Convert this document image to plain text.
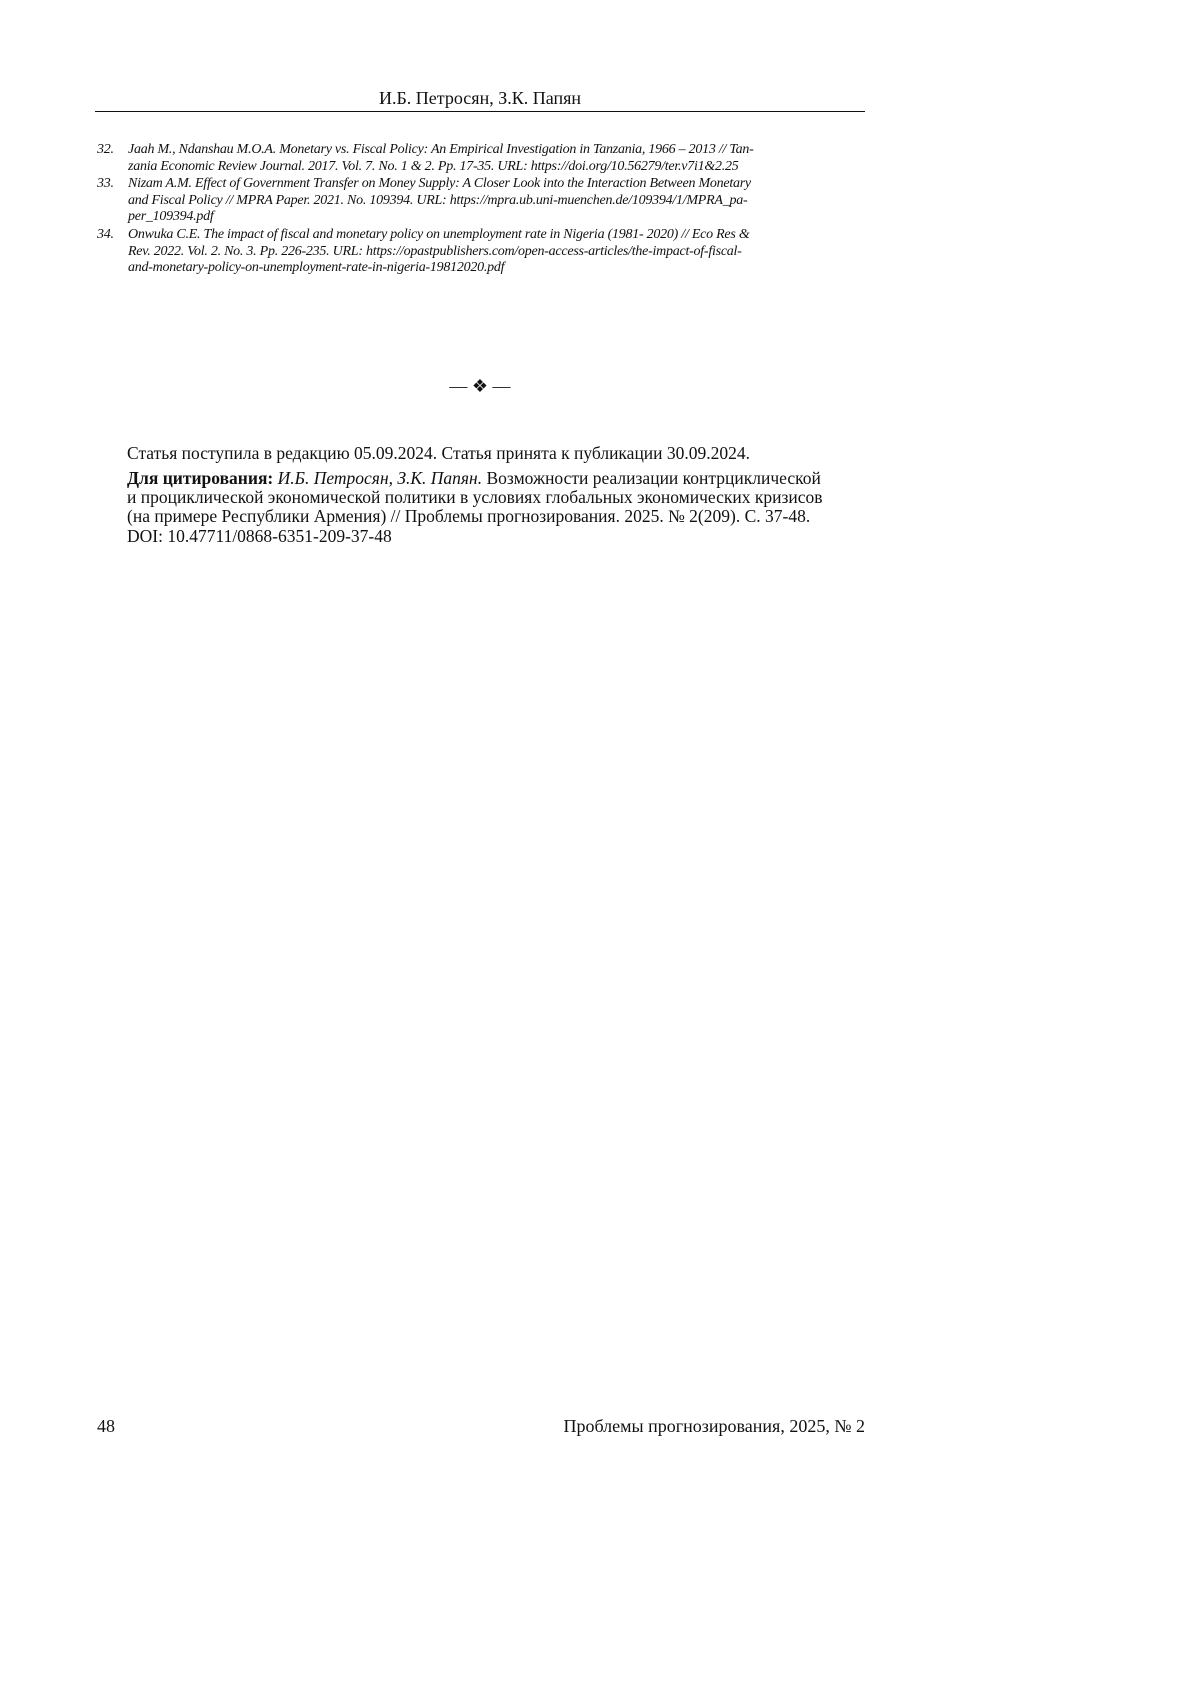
И.Б. Петросян, З.К. Папян
32. Jaah M., Ndanshau M.O.A. Monetary vs. Fiscal Policy: An Empirical Investigation in Tanzania, 1966 – 2013 // Tan-
zania Economic Review Journal. 2017. Vol. 7. No. 1 & 2. Pp. 17-35. URL: https://doi.org/10.56279/ter.v7i1&2.25
33. Nizam A.M. Effect of Government Transfer on Money Supply: A Closer Look into the Interaction Between Monetary
and Fiscal Policy // MPRA Paper. 2021. No. 109394. URL: https://mpra.ub.uni-muenchen.de/109394/1/MPRA_pa-
per_109394.pdf
34. Onwuka C.E. The impact of fiscal and monetary policy on unemployment rate in Nigeria (1981- 2020) // Eco Res &
Rev. 2022. Vol. 2. No. 3. Pp. 226-235. URL: https://opastpublishers.com/open-access-articles/the-impact-of-fiscal-
and-monetary-policy-on-unemployment-rate-in-nigeria-19812020.pdf
— ❖ —
Статья поступила в редакцию 05.09.2024. Статья принята к публикации 30.09.2024.
Для цитирования: И.Б. Петросян, З.К. Папян. Возможности реализации контрциклической
и проциклической экономической политики в условиях глобальных экономических кризисов
(на примере Республики Армения) // Проблемы прогнозирования. 2025. № 2(209). С. 37-48.
DOI: 10.47711/0868-6351-209-37-48
48	Проблемы прогнозирования, 2025, № 2
